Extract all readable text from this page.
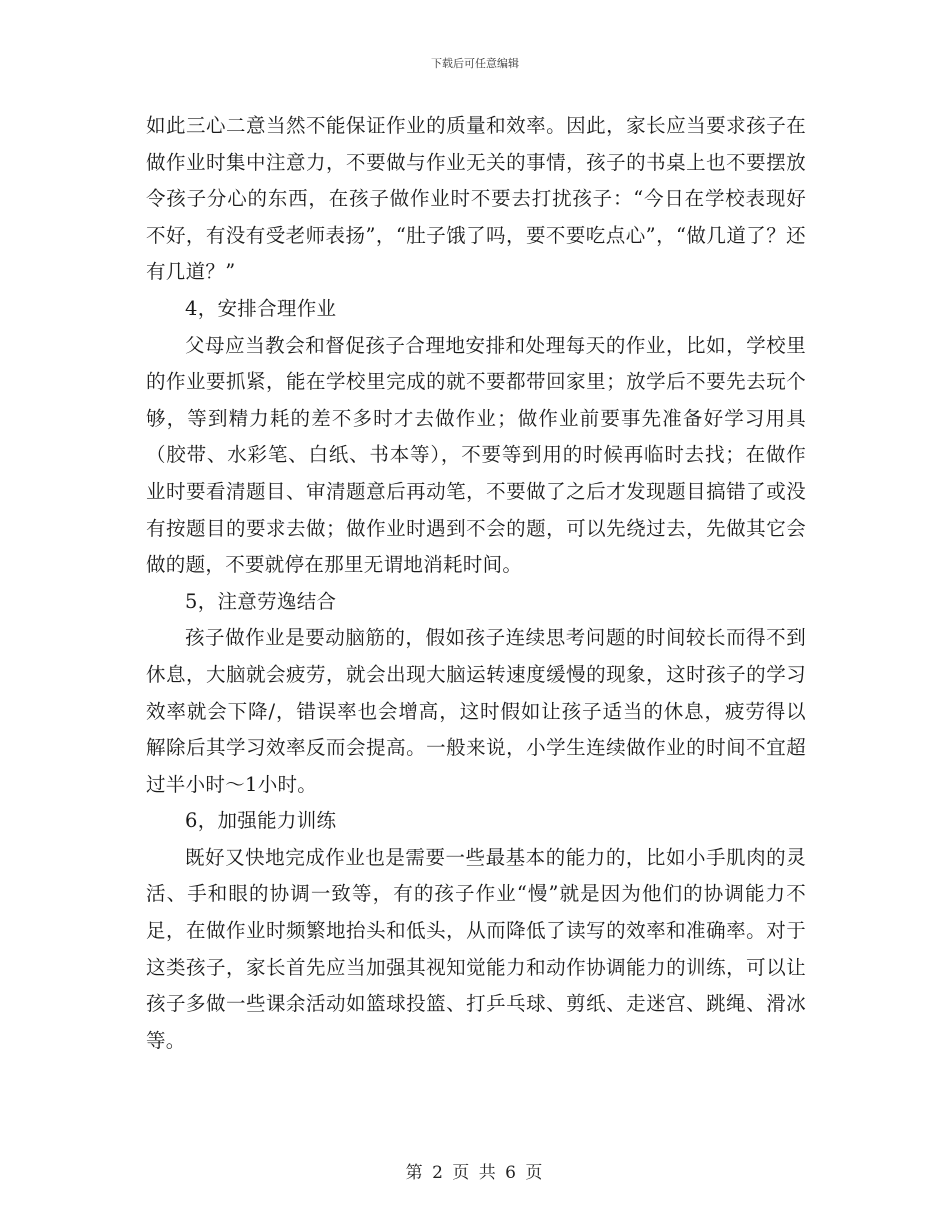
下载后可任意编辑

如此三心二意当然不能保证作业的质量和效率。因此，家长应当要求孩子在做作业时集中注意力，不要做与作业无关的事情，孩子的书桌上也不要摆放令孩子分心的东西，在孩子做作业时不要去打扰孩子：“今日在学校表现好不好，有没有受老师表扬”，“肚子饿了吗，要不要吃点心”，“做几道了？还有几道？”

4，安排合理作业

父母应当教会和督促孩子合理地安排和处理每天的作业，比如，学校里的作业要抓紧，能在学校里完成的就不要都带回家里；放学后不要先去玩个够，等到精力耗的差不多时才去做作业；做作业前要事先准备好学习用具（胶带、水彩笔、白纸、书本等），不要等到用的时候再临时去找；在做作业时要看清题目、审清题意后再动笔，不要做了之后才发现题目搞错了或没有按题目的要求去做；做作业时遇到不会的题，可以先绕过去，先做其它会做的题，不要就停在那里无谓地消耗时间。

5，注意劳逸结合

孩子做作业是要动脑筋的，假如孩子连续思考问题的时间较长而得不到休息，大脑就会疲劳，就会出现大脑运转速度缓慢的现象，这时孩子的学习效率就会下降/，错误率也会增高，这时假如让孩子适当的休息，疲劳得以解除后其学习效率反而会提高。一般来说，小学生连续做作业的时间不宜超过半小时～1小时。

6，加强能力训练

既好又快地完成作业也是需要一些最基本的能力的，比如小手肌肉的灵活、手和眼的协调一致等，有的孩子作业“慢”就是因为他们的协调能力不足，在做作业时频繁地抬头和低头，从而降低了读写的效率和准确率。对于这类孩子，家长首先应当加强其视知觉能力和动作协调能力的训练，可以让孩子多做一些课余活动如篮球投篮、打乒乓球、剪纸、走迷宫、跳绳、滑冰等。

第 2 页 共 6 页
